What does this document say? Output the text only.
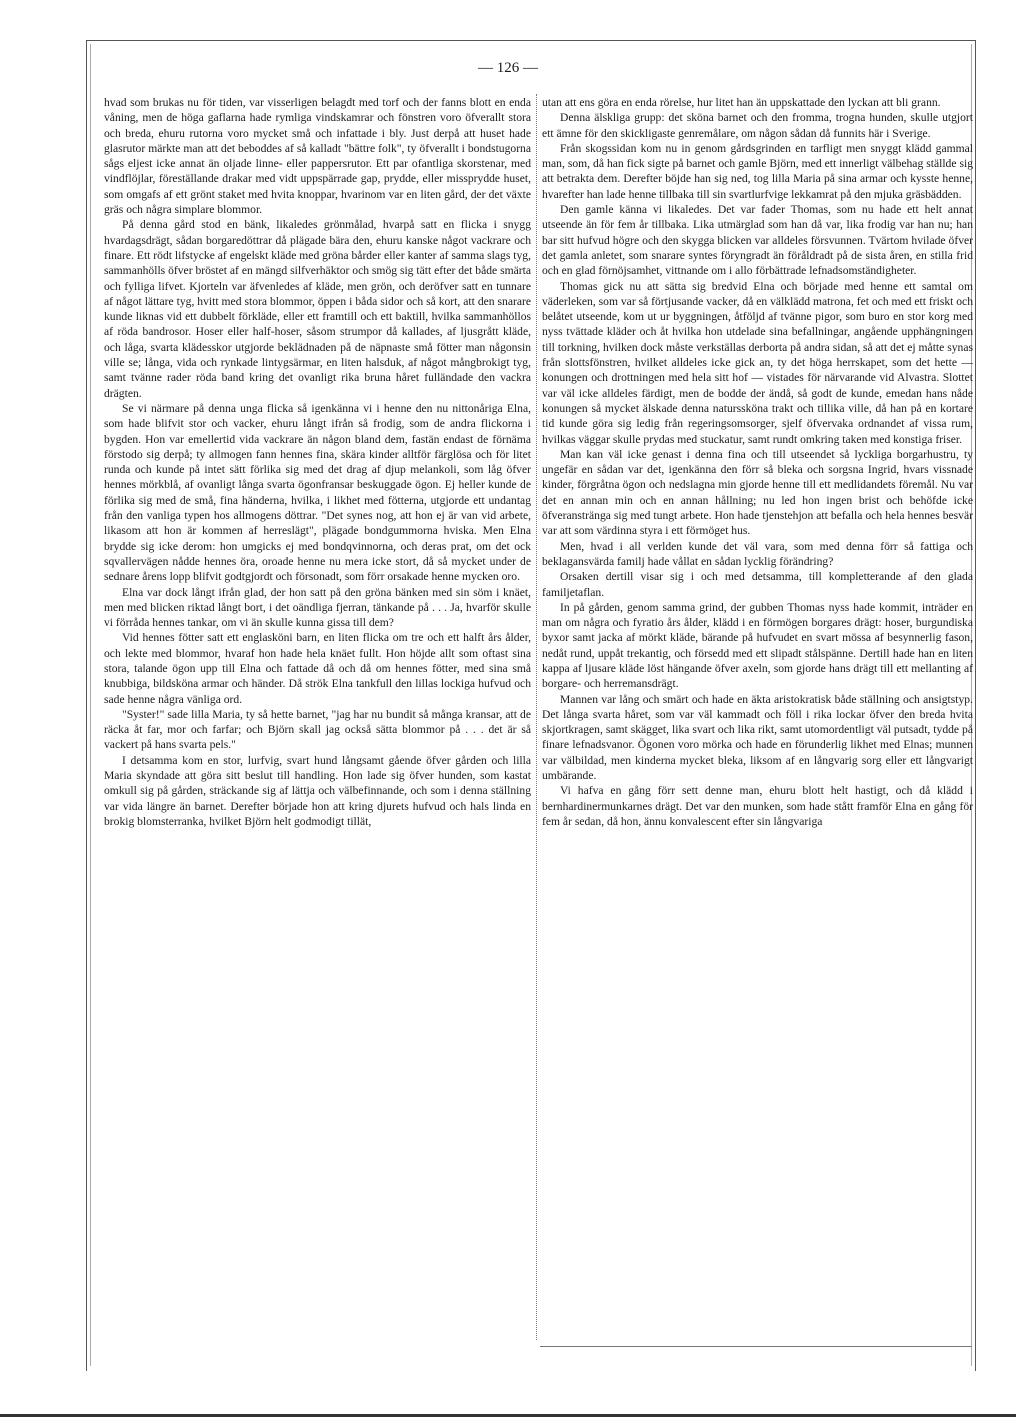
— 126 —

hvad som brukas nu för tiden, var visserligen belagdt med torf och der fanns blott en enda våning, men de höga gaflarna hade rymliga vindskamrar och fönstren voro öfverallt stora och breda, ehuru rutorna voro mycket små och infattade i bly. Just derpå att huset hade glasrutor märkte man att det beboddes af så kalladt "bättre folk", ty öfverallt i bondstugorna sågs eljest icke annat än oljade linne- eller pappersrutor. Ett par ofantliga skorstenar, med vindflöjlar, föreställande drakar med vidt uppspärrade gap, prydde, eller missprydde huset, som omgafs af ett grönt staket med hvita knoppar, hvarinom var en liten gård, der det växte gräs och några simplare blommor.

På denna gård stod en bänk, likaledes grönmålad, hvarpå satt en flicka i snygg hvardagsdrägt, sådan borgaredöttrar då plägade bära den, ehuru kanske något vackrare och finare. Ett rödt lifstycke af engelskt kläde med gröna bårder eller kanter af samma slags tyg, sammanhölls öfver bröstet af en mängd silfverhäktor och smög sig tätt efter det både smärta och fylliga lifvet. Kjorteln var äfvenledes af kläde, men grön, och deröfver satt en tunnare af något lättare tyg, hvitt med stora blommor, öppen i båda sidor och så kort, att den snarare kunde liknas vid ett dubbelt förkläde, eller ett framtill och ett baktill, hvilka sammanhöllos af röda bandrosor. Hoser eller half-hoser, såsom strumpor då kallades, af ljusgrått kläde, och låga, svarta klädesskor utgjorde beklädnaden på de näpnaste små fötter man någonsin ville se; långa, vida och rynkade lintygsärmar, en liten halsduk, af något mångbrokigt tyg, samt tvänne rader röda band kring det ovanligt rika bruna håret fulländade den vackra drägten.

Se vi närmare på denna unga flicka så igenkänna vi i henne den nu nittonåriga Elna, som hade blifvit stor och vacker, ehuru långt ifrån så frodig, som de andra flickorna i bygden. Hon var emellertid vida vackrare än någon bland dem, fastän endast de förnäma förstodo sig derpå; ty allmogen fann hennes fina, skära kinder alltför färglösa och för litet runda och kunde på intet sätt förlika sig med det drag af djup melankoli, som låg öfver hennes mörkblå, af ovanligt långa svarta ögonfransar beskuggade ögon. Ej heller kunde de förlika sig med de små, fina händerna, hvilka, i likhet med fötterna, utgjorde ett undantag från den vanliga typen hos allmogens döttrar. "Det synes nog, att hon ej är van vid arbete, likasom att hon är kommen af herreslägt", plägade bondgummorna hviska. Men Elna brydde sig icke derom: hon umgicks ej med bondqvinnorna, och deras prat, om det ock sqvallervägen nådde hennes öra, oroade henne nu mera icke stort, då så mycket under de sednare årens lopp blifvit godtgjordt och försonadt, som förr orsakade henne mycken oro.

Elna var dock långt ifrån glad, der hon satt på den gröna bänken med sin söm i knäet, men med blicken riktad långt bort, i det oändliga fjerran, tänkande på . . . Ja, hvarför skulle vi förråda hennes tankar, om vi än skulle kunna gissa till dem?

Vid hennes fötter satt ett englasköni barn, en liten flicka om tre och ett halft års ålder, och lekte med blommor, hvaraf hon hade hela knäet fullt. Hon höjde allt som oftast sina stora, talande ögon upp till Elna och fattade då och då om hennes fötter, med sina små knubbiga, bildsköna armar och händer. Då strök Elna tankfull den lillas lockiga hufvud och sade henne några vänliga ord.

"Syster!" sade lilla Maria, ty så hette barnet, "jag har nu bundit så många kransar, att de räcka åt far, mor och farfar; och Björn skall jag också sätta blommor på . . . det är så vackert på hans svarta pels."

I detsamma kom en stor, lurfvig, svart hund långsamt gående öfver gården och lilla Maria skyndade att göra sitt beslut till handling. Hon lade sig öfver hunden, som kastat omkull sig på gården, sträckande sig af lättja och välbefinnande, och som i denna ställning var vida längre än barnet. Derefter började hon att kring djurets hufvud och hals linda en brokig blomsterranka, hvilket Björn helt godmodigt tillät,

utan att ens göra en enda rörelse, hur litet han än uppskattade den lyckan att bli grann.

Denna älskliga grupp: det sköna barnet och den fromma, trogna hunden, skulle utgjort ett ämne för den skickligaste genremålare, om någon sådan då funnits här i Sverige.

Från skogssidan kom nu in genom gårdsgrinden en tarfligt men snyggt klädd gammal man, som, då han fick sigte på barnet och gamle Björn, med ett innerligt välbehag ställde sig att betrakta dem. Derefter böjde han sig ned, tog lilla Maria på sina armar och kysste henne, hvarefter han lade henne tillbaka till sin svartlurfvige lekkamrat på den mjuka gräsbädden.

Den gamle känna vi likaledes. Det var fader Thomas, som nu hade ett helt annat utseende än för fem år tillbaka. Lika utmärglad som han då var, lika frodig var han nu; han bar sitt hufvud högre och den skygga blicken var alldeles försvunnen. Tvärtom hvilade öfver det gamla anletet, som snarare syntes föryngradt än föråldradt på de sista åren, en stilla frid och en glad förnöjsamhet, vittnande om i allo förbättrade lefnadsomständigheter.

Thomas gick nu att sätta sig bredvid Elna och började med henne ett samtal om väderleken, som var så förtjusande vacker, då en välklädd matrona, fet och med ett friskt och belåtet utseende, kom ut ur byggningen, åtföljd af tvänne pigor, som buro en stor korg med nyss tvättade kläder och åt hvilka hon utdelade sina befallningar, angående upphängningen till torkning, hvilken dock måste verkställas derborta på andra sidan, så att det ej måtte synas från slottsfönstren, hvilket alldeles icke gick an, ty det höga herrskapet, som det hette — konungen och drottningen med hela sitt hof — vistades för närvarande vid Alvastra. Slottet var väl icke alldeles färdigt, men de bodde der ändå, så godt de kunde, emedan hans nåde konungen så mycket älskade denna naturssköna trakt och tillika ville, då han på en kortare tid kunde göra sig ledig från regeringsomsorger, sjelf öfvervaka ordnandet af vissa rum, hvilkas väggar skulle prydas med stuckatur, samt rundt omkring taken med konstiga friser.

Man kan väl icke genast i denna fina och till utseendet så lyckliga borgarhustru, ty ungefär en sådan var det, igenkänna den förr så bleka och sorgsna Ingrid, hvars vissnade kinder, förgråtna ögon och nedslagna min gjorde henne till ett medlidandets föremål. Nu var det en annan min och en annan hållning; nu led hon ingen brist och behöfde icke öfveranstränga sig med tungt arbete. Hon hade tjenstehjon att befalla och hela hennes besvär var att som värdinna styra i ett förmöget hus.

Men, hvad i all verlden kunde det väl vara, som med denna förr så fattiga och beklagansvärda familj hade vållat en sådan lycklig förändring?

Orsaken dertill visar sig i och med detsamma, till kompletterande af den glada familjetaflan.

In på gården, genom samma grind, der gubben Thomas nyss hade kommit, inträder en man om några och fyratio års ålder, klädd i en förmögen borgares drägt: hoser, burgundiska byxor samt jacka af mörkt kläde, bärande på hufvudet en svart mössa af besynnerlig fason, nedåt rund, uppåt trekantig, och försedd med ett slipadt stålspänne. Dertill hade han en liten kappa af ljusare kläde löst hängande öfver axeln, som gjorde hans drägt till ett mellanting af borgare- och herremansdrägt.

Mannen var lång och smärt och hade en äkta aristokratisk både ställning och ansigtstyp. Det långa svarta håret, som var väl kammadt och föll i rika lockar öfver den breda hvita skjortkragen, samt skägget, lika svart och lika rikt, samt utomordentligt väl putsadt, tydde på finare lefnadsvanor. Ögonen voro mörka och hade en förunderlig likhet med Elnas; munnen var välbildad, men kinderna mycket bleka, liksom af en långvarig sorg eller ett långvarigt umbärande.

Vi hafva en gång förr sett denne man, ehuru blott helt hastigt, och då klädd i bernhardinermunkarnes drägt. Det var den munken, som hade stått framför Elna en gång för fem år sedan, då hon, ännu konvalescent efter sin långvariga
